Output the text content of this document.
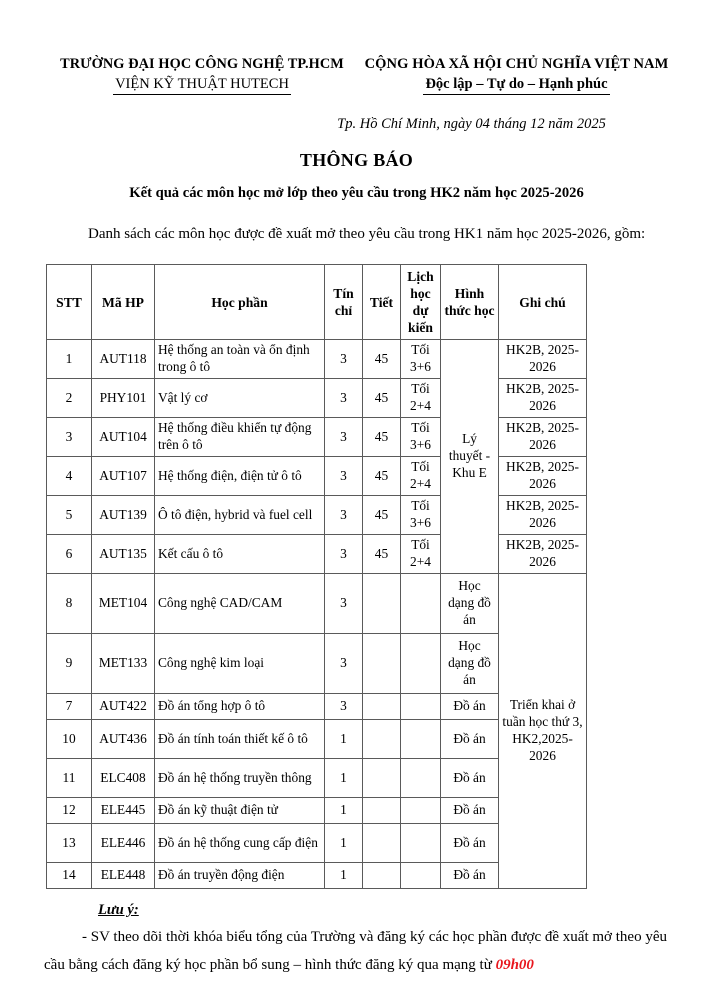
TRƯỜNG ĐẠI HỌC CÔNG NGHỆ TP.HCM
VIỆN KỸ THUẬT HUTECH
CỘNG HÒA XÃ HỘI CHỦ NGHĨA VIỆT NAM
Độc lập – Tự do – Hạnh phúc
Tp. Hồ Chí Minh, ngày 04 tháng 12 năm 2025
THÔNG BÁO
Kết quả các môn học mở lớp theo yêu cầu trong HK2 năm học 2025-2026
Danh sách các môn học được đề xuất mở theo yêu cầu trong HK1 năm học 2025-2026, gồm:
STT	Mã HP	Học phần	Tín chỉ	Tiết	Lịch học dự kiến	Hình thức học	Ghi chú
1	AUT118	Hệ thống an toàn và ổn định trong ô tô	3	45	Tối 3+6	Lý thuyết - Khu E	HK2B, 2025-2026
2	PHY101	Vật lý cơ	3	45	Tối 2+4		HK2B, 2025-2026
3	AUT104	Hệ thống điều khiển tự động trên ô tô	3	45	Tối 3+6		HK2B, 2025-2026
4	AUT107	Hệ thống điện, điện tử ô tô	3	45	Tối 2+4		HK2B, 2025-2026
5	AUT139	Ô tô điện, hybrid và fuel cell	3	45	Tối 3+6		HK2B, 2025-2026
6	AUT135	Kết cấu ô tô	3	45	Tối 2+4		HK2B, 2025-2026
8	MET104	Công nghệ CAD/CAM	3			Học dạng đồ án	Triển khai ở tuần học thứ 3, HK2,2025-2026
9	MET133	Công nghệ kim loại	3			Học dạng đồ án	
7	AUT422	Đồ án tổng hợp ô tô	3			Đồ án	
10	AUT436	Đồ án tính toán thiết kế ô tô	1			Đồ án	
11	ELC408	Đồ án hệ thống truyền thông	1			Đồ án	
12	ELE445	Đồ án kỹ thuật điện tử	1			Đồ án	
13	ELE446	Đồ án hệ thống cung cấp điện	1			Đồ án	
14	ELE448	Đồ án truyền động điện	1			Đồ án	
Lưu ý:
- SV theo dõi thời khóa biểu tổng của Trường và đăng ký các học phần được đề xuất mở theo yêu cầu bằng cách đăng ký học phần bổ sung – hình thức đăng ký qua mạng từ 09h00
